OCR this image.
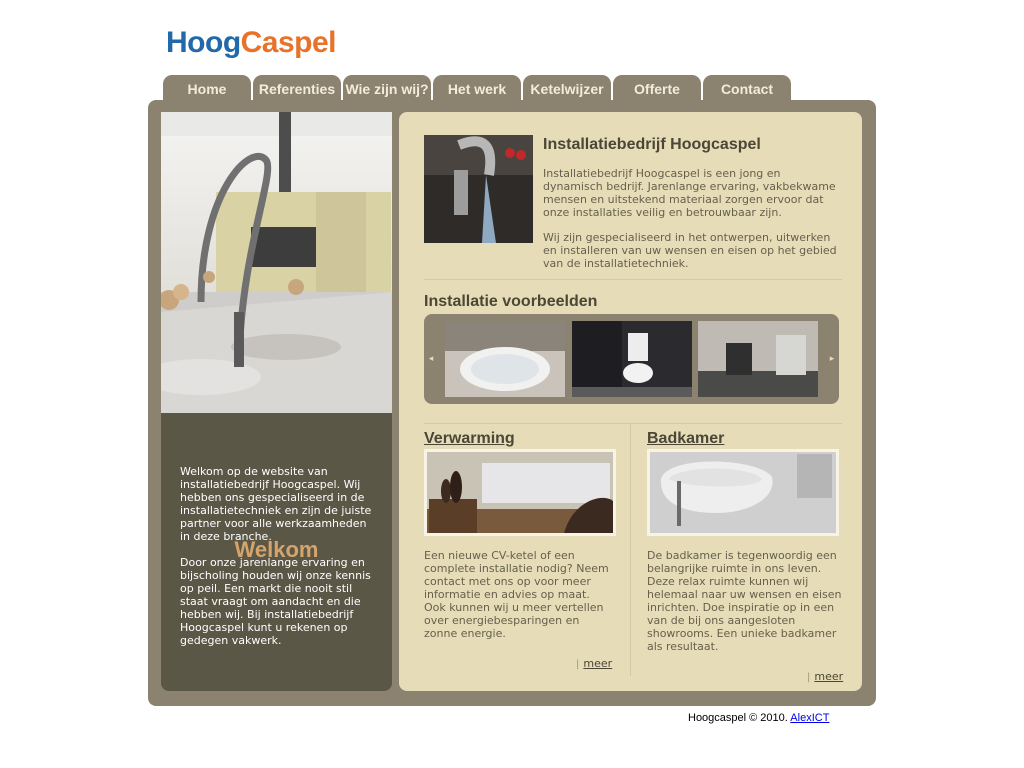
HoogCaspel
Home	Referenties Wie zijn wij?	Het werk	Ketelwijzer	Offerte	Contact
Welkom

Welkom op de website van installatiebedrijf Hoogcaspel. Wij hebben ons gespecialiseerd in de installatietechniek en zijn de juiste partner voor alle werkzaamheden in deze branche.

Door onze jarenlange ervaring en bijscholing houden wij onze kennis op peil. Een markt die nooit stil staat vraagt om aandacht en die hebben wij. Bij installatiebedrijf Hoogcaspel kunt u rekenen op gedegen vakwerk.

Installatiebedrijf Hoogcaspel
Installatiebedrijf Hoogcaspel is een jong en dynamisch bedrijf. Jarenlange ervaring, vakbekwame mensen en uitstekend materiaal zorgen ervoor dat onze installaties veilig en betrouwbaar zijn.
Wij zijn gespecialiseerd in het ontwerpen, uitwerken en installeren van uw wensen en eisen op het gebied van de installatietechniek.
Installatie voorbeelden
◂	▸
Verwarming
Een nieuwe CV-ketel of een complete installatie nodig? Neem contact met ons op voor meer informatie en advies op maat. Ook kunnen wij u meer vertellen over energiebesparingen en zonne energie.
| meer
Badkamer
De badkamer is tegenwoordig een belangrijke ruimte in ons leven. Deze relax ruimte kunnen wij helemaal naar uw wensen en eisen inrichten. Doe inspiratie op in een van de bij ons aangesloten showrooms. Een unieke badkamer als resultaat.
| meer
Hoogcaspel © 2010. AlexICT
